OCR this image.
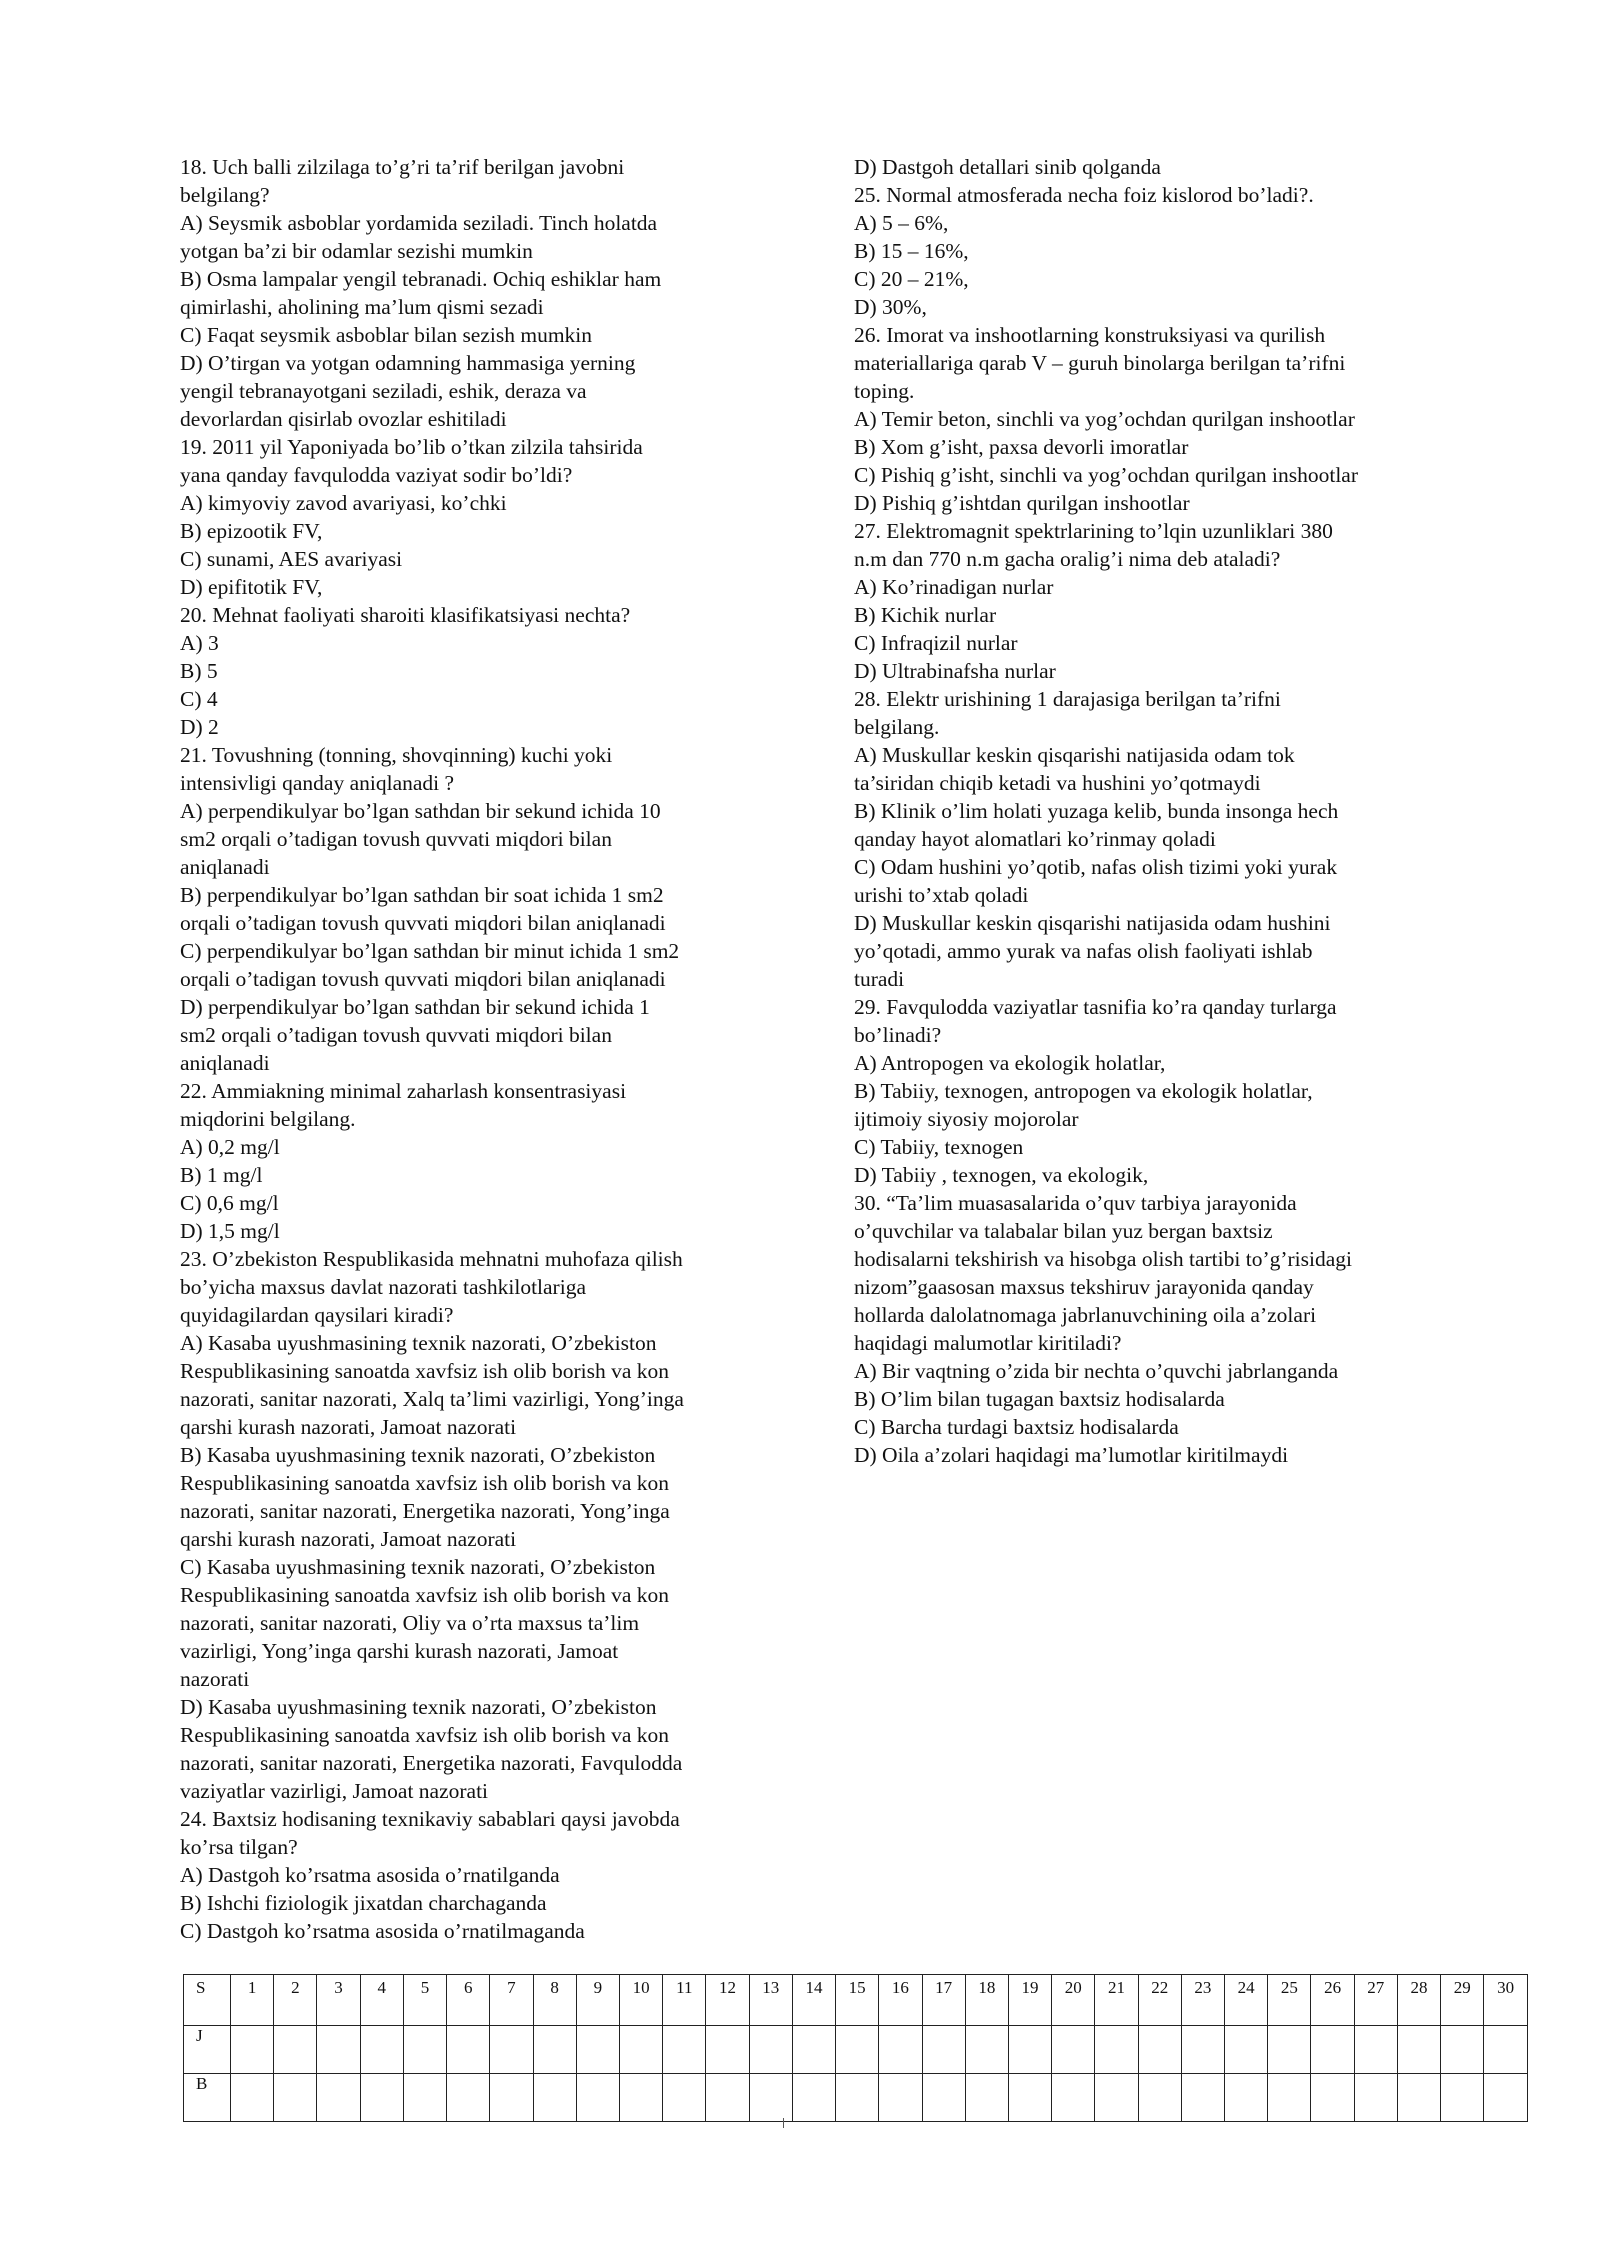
18. Uch balli zilzilaga to’g’ri ta’rif berilgan javobni
belgilang?
A) Seysmik asboblar yordamida seziladi. Tinch holatda
yotgan ba’zi bir odamlar sezishi mumkin
B) Osma lampalar yengil tebranadi. Ochiq eshiklar ham
qimirlashi, aholining ma’lum qismi sezadi
C) Faqat seysmik asboblar bilan sezish mumkin
D) O’tirgan va yotgan odamning hammasiga yerning
yengil tebranayotgani seziladi, eshik, deraza va
devorlardan qisirlab ovozlar eshitiladi
19. 2011 yil Yaponiyada bo’lib o’tkan zilzila tahsirida
yana qanday favqulodda vaziyat sodir bo’ldi?
A) kimyoviy zavod avariyasi, ko’chki
B) epizootik FV,
C) sunami, AES avariyasi
D) epifitotik FV,
20. Mehnat faoliyati sharoiti klasifikatsiyasi nechta?
A) 3
B) 5
C) 4
D) 2
21. Tovushning (tonning, shovqinning) kuchi yoki
intensivligi qanday aniqlanadi ?
A) perpendikulyar bo’lgan sathdan bir sekund ichida 10
sm2 orqali o’tadigan tovush quvvati miqdori bilan
aniqlanadi
B) perpendikulyar bo’lgan sathdan bir soat ichida 1 sm2
orqali o’tadigan tovush quvvati miqdori bilan aniqlanadi
C) perpendikulyar bo’lgan sathdan bir minut ichida 1 sm2
orqali o’tadigan tovush quvvati miqdori bilan aniqlanadi
D) perpendikulyar bo’lgan sathdan bir sekund ichida 1
sm2 orqali o’tadigan tovush quvvati miqdori bilan
aniqlanadi
22. Ammiakning minimal zaharlash konsentrasiyasi
miqdorini belgilang.
A) 0,2 mg/l
B) 1 mg/l
C) 0,6 mg/l
D) 1,5 mg/l
23. O’zbekiston Respublikasida mehnatni muhofaza qilish
bo’yicha maxsus davlat nazorati tashkilotlariga
quyidagilardan qaysilari kiradi?
A) Kasaba uyushmasining texnik nazorati, O’zbekiston
Respublikasining sanoatda xavfsiz ish olib borish va kon
nazorati, sanitar nazorati, Xalq ta’limi vazirligi, Yong’inga
qarshi kurash nazorati, Jamoat nazorati
B) Kasaba uyushmasining texnik nazorati, O’zbekiston
Respublikasining sanoatda xavfsiz ish olib borish va kon
nazorati, sanitar nazorati, Energetika nazorati, Yong’inga
qarshi kurash nazorati, Jamoat nazorati
C) Kasaba uyushmasining texnik nazorati, O’zbekiston
Respublikasining sanoatda xavfsiz ish olib borish va kon
nazorati, sanitar nazorati, Oliy va o’rta maxsus ta’lim
vazirligi, Yong’inga qarshi kurash nazorati, Jamoat
nazorati
D) Kasaba uyushmasining texnik nazorati, O’zbekiston
Respublikasining sanoatda xavfsiz ish olib borish va kon
nazorati, sanitar nazorati, Energetika nazorati, Favqulodda
vaziyatlar vazirligi, Jamoat nazorati
24. Baxtsiz hodisaning texnikaviy sabablari qaysi javobda
ko’rsa tilgan?
A) Dastgoh ko’rsatma asosida o’rnatilganda
B) Ishchi fiziologik jixatdan charchaganda
C) Dastgoh ko’rsatma asosida o’rnatilmaganda
D) Dastgoh detallari sinib qolganda
25. Normal atmosferada necha foiz kislorod bo’ladi?.
A) 5 – 6%,
B) 15 – 16%,
C) 20 – 21%,
D) 30%,
26. Imorat va inshootlarning konstruksiyasi va qurilish
materiallariga qarab V – guruh binolarga berilgan ta’rifni
toping.
A) Temir beton, sinchli va yog’ochdan qurilgan inshootlar
B) Xom g’isht, paxsa devorli imoratlar
C) Pishiq g’isht, sinchli va yog’ochdan qurilgan inshootlar
D) Pishiq g’ishtdan qurilgan inshootlar
27. Elektromagnit spektrlarining to’lqin uzunliklari 380
n.m dan 770 n.m gacha oralig’i nima deb ataladi?
A) Ko’rinadigan nurlar
B) Kichik nurlar
C) Infraqizil nurlar
D) Ultrabinafsha nurlar
28. Elektr urishining 1 darajasiga berilgan ta’rifni
belgilang.
A) Muskullar keskin qisqarishi natijasida odam tok
ta’siridan chiqib ketadi va hushini yo’qotmaydi
B) Klinik o’lim holati yuzaga kelib, bunda insonga hech
qanday hayot alomatlari ko’rinmay qoladi
C) Odam hushini yo’qotib, nafas olish tizimi yoki yurak
urishi to’xtab qoladi
D) Muskullar keskin qisqarishi natijasida odam hushini
yo’qotadi, ammo yurak va nafas olish faoliyati ishlab
turadi
29. Favqulodda vaziyatlar tasnifia ko’ra qanday turlarga
bo’linadi?
A) Antropogen va ekologik holatlar,
B) Tabiiy, texnogen, antropogen va ekologik holatlar,
ijtimoiy siyosiy mojorolar
C) Tabiiy, texnogen
D) Tabiiy , texnogen, va ekologik,
30. “Ta’lim muasasalarida o’quv tarbiya jarayonida
o’quvchilar va talabalar bilan yuz bergan baxtsiz
hodisalarni tekshirish va hisobga olish tartibi to’g’risidagi
nizom”gaasosan maxsus tekshiruv jarayonida qanday
hollarda dalolatnomaga jabrlanuvchining oila a’zolari
haqidagi malumotlar kiritiladi?
A) Bir vaqtning o’zida bir nechta o’quvchi jabrlanganda
B) O’lim bilan tugagan baxtsiz hodisalarda
C) Barcha turdagi baxtsiz hodisalarda
D) Oila a’zolari haqidagi ma’lumotlar kiritilmaydi
S	1	2	3	4	5	6	7	8	9	10	11	12	13	14	15	16	17	18	19	20	21	22	23	24	25	26	27	28	29	30
J																														
B																														
